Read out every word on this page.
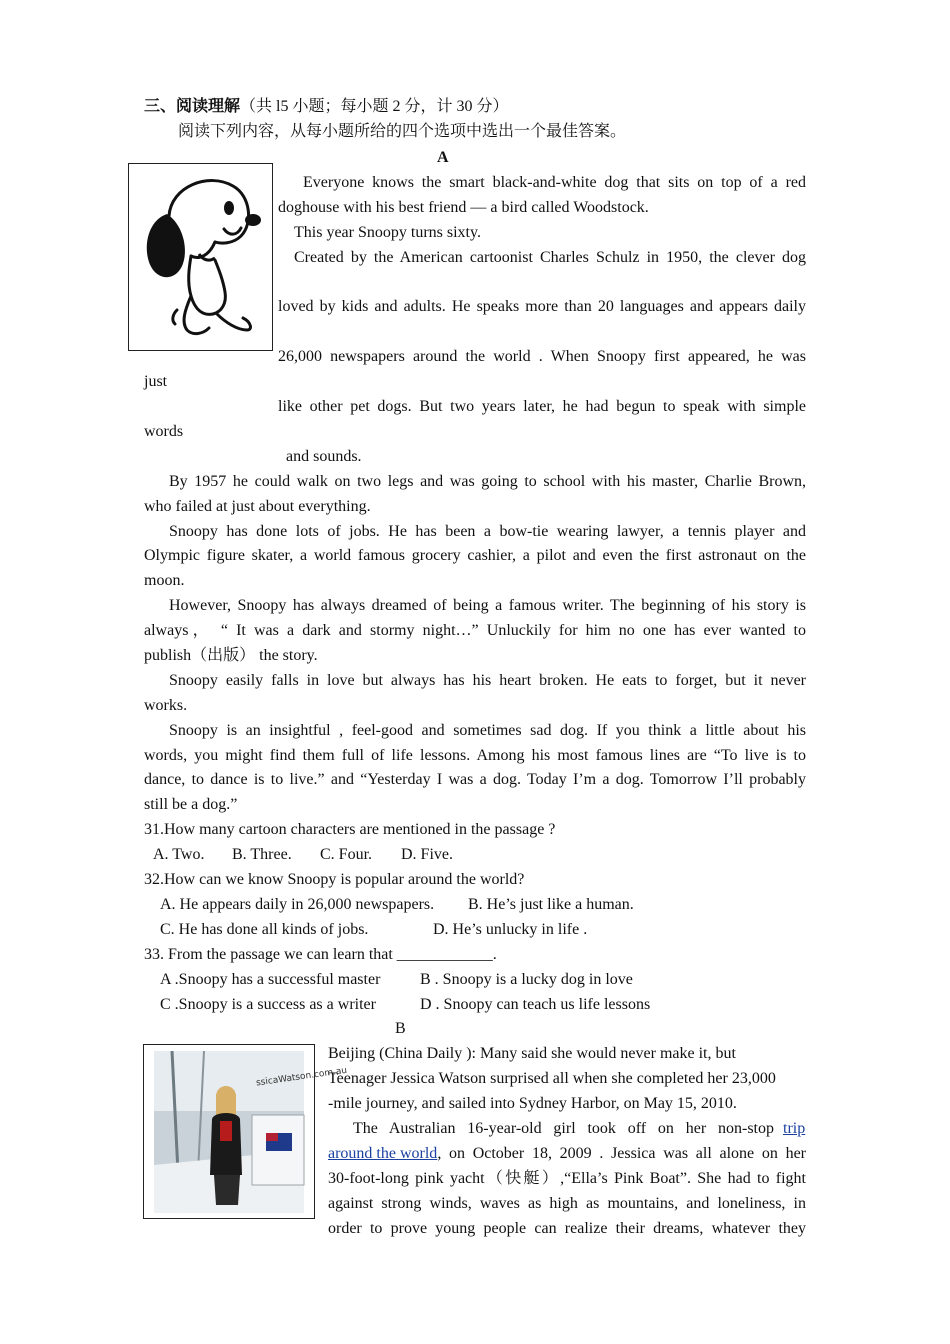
三、阅读理解（共 l5 小题；每小题 2 分，计 30 分）
阅读下列内容，从每小题所给的四个选项中选出一个最佳答案。
A
Everyone knows the smart black-and-white dog that sits on top of a red
doghouse with his best friend — a bird called Woodstock.
This year Snoopy turns sixty.
Created by the American cartoonist Charles Schulz in 1950, the clever dog
loved by kids and adults. He speaks more than 20 languages and appears daily
26,000 newspapers around the world . When Snoopy first appeared, he was
just
like other pet dogs. But two years later, he had begun to speak with simple
words
and sounds.
By 1957 he could walk on two legs and was going to school with his master, Charlie Brown,
who failed at just about everything.
Snoopy has done lots of jobs. He has been a bow-tie wearing lawyer, a tennis player and
Olympic figure skater, a world famous grocery cashier, a pilot and even the first astronaut on the
moon.
However, Snoopy has always dreamed of being a famous writer. The beginning of his story is
always， “ It was a dark and stormy night…” Unluckily for him no one has ever wanted to
publish（出版） the story.
Snoopy easily falls in love but always has his heart broken. He eats to forget, but it never
works.
Snoopy is an insightful , feel-good and sometimes sad dog. If you think a little about his
words, you might find them full of life lessons. Among his most famous lines are “To live is to
dance, to dance is to live.” and “Yesterday I was a dog. Today I’m a dog. Tomorrow I’ll probably
still be a dog.”
31.How many cartoon characters are mentioned in the passage ?
A. Two. B. Three. C. Four. D. Five.
32.How can we know Snoopy is popular around the world?
A. He appears daily in 26,000 newspapers. B. He’s just like a human.
C. He has done all kinds of jobs.	D. He’s unlucky in life .
33. From the passage we can learn that ____________.
A .Snoopy has a successful master B . Snoopy is a lucky dog in love
C .Snoopy is a success as a writer	D . Snoopy can teach us life lessons
B
ssicaWatson.com.au
Beijing (China Daily ): Many said she would never make it, but
Teenager Jessica Watson surprised all when she completed her 23,000
-mile journey, and sailed into Sydney Harbor, on May 15, 2010.
The Australian 16-year-old girl took off on her non-stop trip
around the world, on October 18, 2009 . Jessica was all alone on her
30-foot-long pink yacht（快艇）,“Ella’s Pink Boat”. She had to fight
against strong winds, waves as high as mountains, and loneliness, in
order to prove young people can realize their dreams, whatever they
